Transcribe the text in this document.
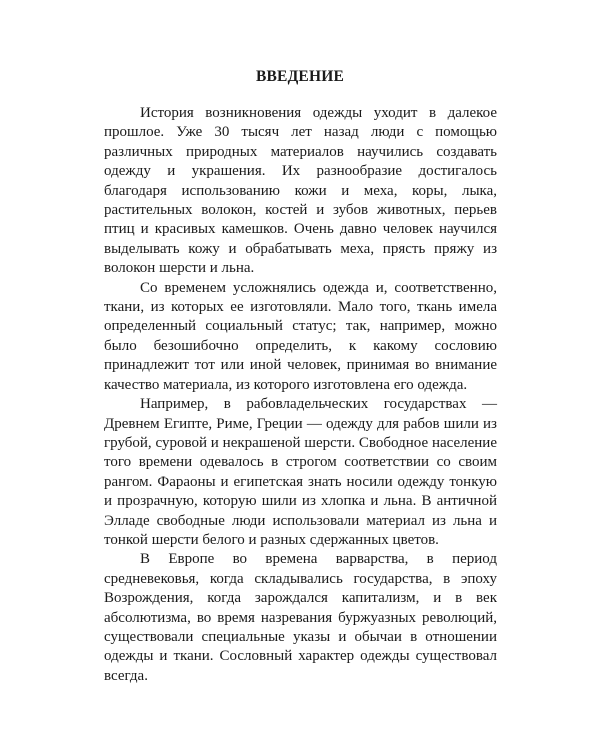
ВВЕДЕНИЕ

История возникновения одежды уходит в далекое прошлое. Уже 30 тысяч лет назад люди с помощью различных природных материалов научились создавать одежду и украшения. Их разнообразие достигалось благодаря использованию кожи и меха, коры, лыка, растительных волокон, костей и зубов животных, перьев птиц и красивых камешков. Очень давно человек научился выделывать кожу и обрабатывать меха, прясть пряжу из волокон шерсти и льна.

Со временем усложнялись одежда и, соответственно, ткани, из которых ее изготовляли. Мало того, ткань имела определенный социальный статус; так, например, можно было безошибочно определить, к какому сословию принадлежит тот или иной человек, принимая во внимание качество материала, из которого изготовлена его одежда.

Например, в рабовладельческих государствах — Древнем Египте, Риме, Греции — одежду для рабов шили из грубой, суровой и некрашеной шерсти. Свободное население того времени одевалось в строгом соответствии со своим рангом. Фараоны и египетская знать носили одежду тонкую и прозрачную, которую шили из хлопка и льна. В античной Элладе свободные люди использовали материал из льна и тонкой шерсти белого и разных сдержанных цветов.

В Европе во времена варварства, в период средневековья, когда складывались государства, в эпоху Возрождения, когда зарождался капитализм, и в век абсолютизма, во время назревания буржуазных революций, существовали специальные указы и обычаи в отношении одежды и ткани. Сословный характер одежды существовал всегда.
